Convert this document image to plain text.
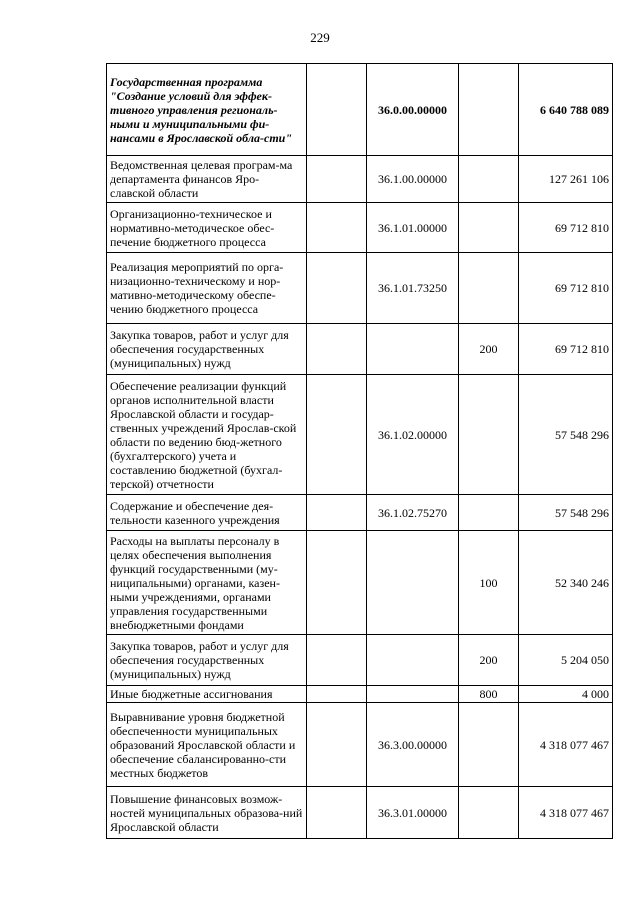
229
Государственная программа "Создание условий для эффек-тивного управления региональ-ными и муниципальными фи-нансами в Ярославской обла-сти"		36.0.00.00000		6 640 788 089
Ведомственная целевая програм-ма департамента финансов Яро-славской области		36.1.00.00000		127 261 106
Организационно-техническое и нормативно-методическое обес-печение бюджетного процесса		36.1.01.00000		69 712 810
Реализация мероприятий по орга-низационно-техническому и нор-мативно-методическому обеспе-чению бюджетного процесса		36.1.01.73250		69 712 810
Закупка товаров, работ и услуг для обеспечения государственных (муниципальных) нужд			200	69 712 810
Обеспечение реализации функций органов исполнительной власти Ярославской области и государ-ственных учреждений Ярослав-ской области по ведению бюд-жетного (бухгалтерского) учета и составлению бюджетной (бухгал-терской) отчетности		36.1.02.00000		57 548 296
Содержание и обеспечение дея-тельности казенного учреждения		36.1.02.75270		57 548 296
Расходы на выплаты персоналу в целях обеспечения выполнения функций государственными (му-ниципальными) органами, казен-ными учреждениями, органами управления государственными внебюджетными фондами			100	52 340 246
Закупка товаров, работ и услуг для обеспечения государственных (муниципальных) нужд			200	5 204 050
Иные бюджетные ассигнования			800	4 000
Выравнивание уровня бюджетной обеспеченности муниципальных образований Ярославской области и обеспечение сбалансированно-сти местных бюджетов		36.3.00.00000		4 318 077 467
Повышение финансовых возмож-ностей муниципальных образова-ний Ярославской области		36.3.01.00000		4 318 077 467
